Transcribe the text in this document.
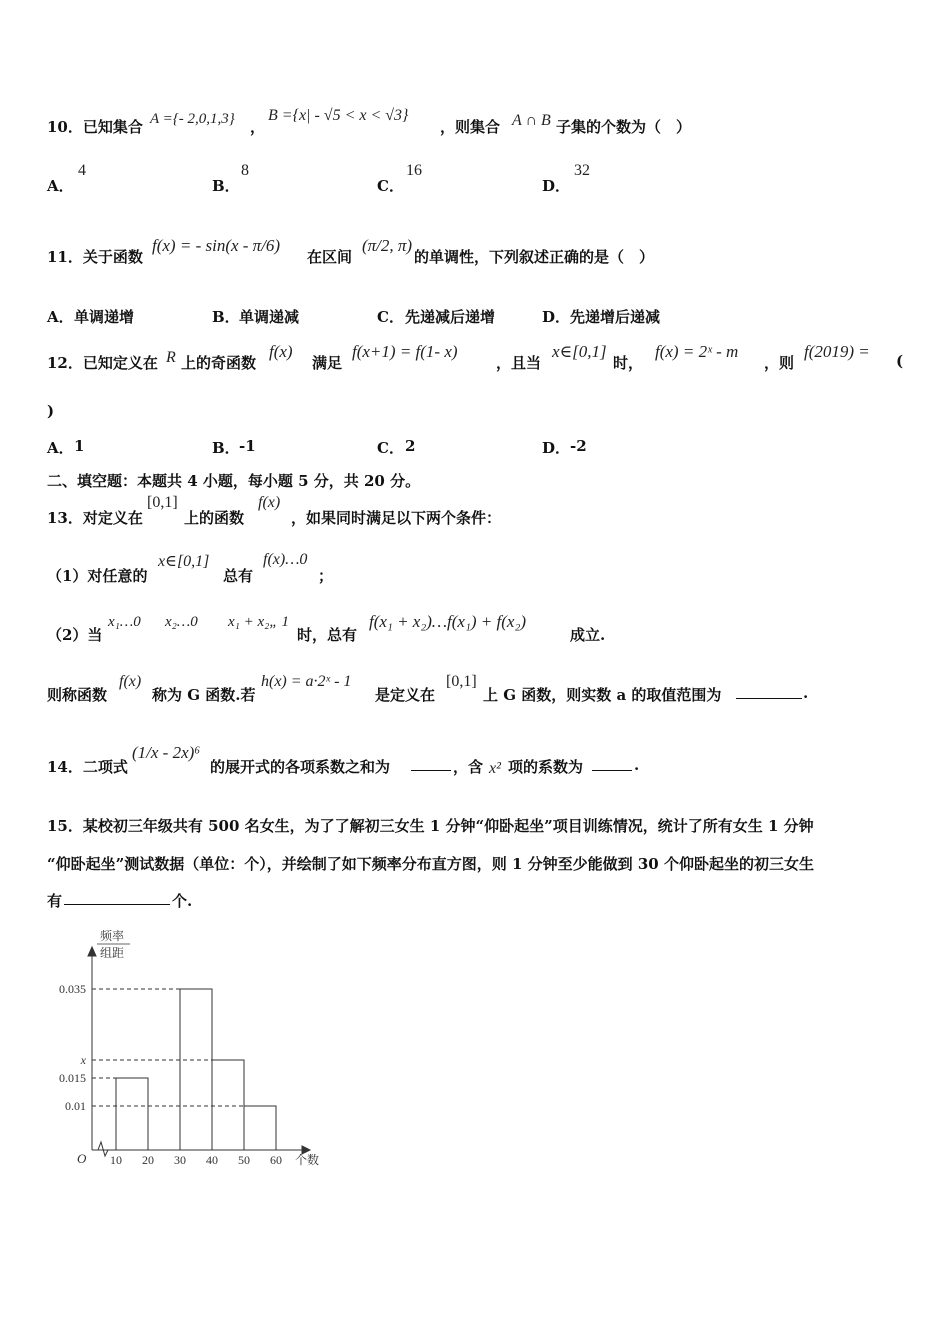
10．已知集合 A ={- 2,0,1,3} ，
B ={x| - √5 < x < √3}
，则集合 A ∩ B 子集的个数为（　）
A．
4
B．
8
C．
16
D．
32
11．关于函数
f(x) = - sin(x - π/6)
在区间
(π/2, π)
的单调性，下列叙述正确的是（　）
A． 单调递增	B． 单调递减	C． 先递减后递增	D． 先递增后递减
12．已知定义在 R 上的奇函数
f(x)
满足
f(x+1) = f(1- x)
，且当
x∈[0,1]
时，
f(x) = 2ˣ - m
，则
f(2019) = (
)
A． 1	B． -1	C． 2	D． -2
二、填空题：本题共 4 小题，每小题 5 分，共 20 分。
13．对定义在
[0,1]
上的函数
f(x)
，如果同时满足以下两个条件：
（1）对任意的
x∈[0,1]
总有
f(x)…0
；
（2）当
x₁…0 x₂…0 x₁ + x₂„ 1
时，总有
f(x₁ + x₂)…f(x₁) + f(x₂)
成立.
则称函数
f(x)
称为 G 函数.若
h(x) = a·2ˣ - 1
是定义在
[0,1]
上 G 函数，则实数 a 的取值范围为	.
14．二项式
(1/x - 2x)⁶
的展开式的各项系数之和为	，含 x² 项的系数为	.
15．某校初三年级共有 500 名女生，为了了解初三女生 1 分钟“仰卧起坐”项目训练情况，统计了所有女生 1 分钟
“仰卧起坐”测试数据（单位：个），并绘制了如下频率分布直方图，则 1 分钟至少能做到 30 个仰卧起坐的初三女生
有	个.
频率
组距
个数
O
0.035
x
0.015
0.01
10 20 30 40 50 60
